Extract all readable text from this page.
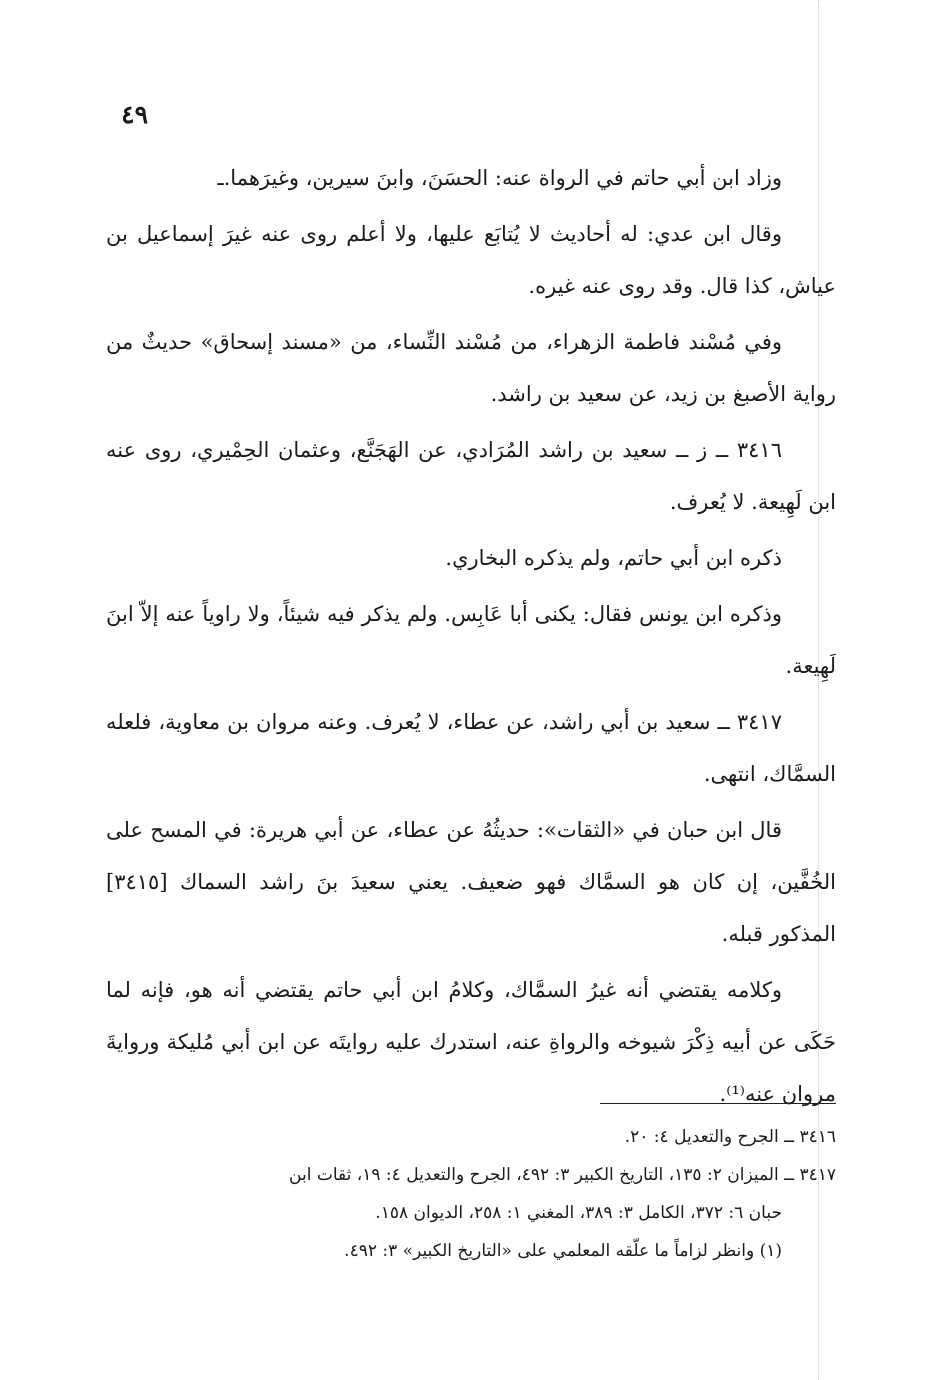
٤٩

وزاد ابن أبي حاتم في الرواة عنه: الحسَنَ، وابنَ سيرين، وغيرَهما.ـ

وقال ابن عدي: له أحاديث لا يُتابَع عليها، ولا أعلم روى عنه غيرَ إسماعيل بن عياش، كذا قال. وقد روى عنه غيره.

وفي مُسْند فاطمة الزهراء، من مُسْند النِّساء، من «مسند إسحاق» حديثٌ من رواية الأصبغ بن زيد، عن سعيد بن راشد.

٣٤١٦ ــ ز ــ سعيد بن راشد المُرَادي، عن الهَجَنَّع، وعثمان الحِمْيري، روى عنه ابن لَهِيعة. لا يُعرف.

ذكره ابن أبي حاتم، ولم يذكره البخاري.

وذكره ابن يونس فقال: يكنى أبا عَابِس. ولم يذكر فيه شيئاً، ولا راوياً عنه إلاّ ابنَ لَهِيعة.

٣٤١٧ ــ سعيد بن أبي راشد، عن عطاء، لا يُعرف. وعنه مروان بن معاوية، فلعله السمَّاك، انتهى.

قال ابن حبان في «الثقات»: حديثُهُ عن عطاء، عن أبي هريرة: في المسح على الخُفَّين، إن كان هو السمَّاك فهو ضعيف. يعني سعيدَ بنَ راشد السماك [٣٤١٥] المذكور قبله.

وكلامه يقتضي أنه غيرُ السمَّاك، وكلامُ ابن أبي حاتم يقتضي أنه هو، فإنه لما حَكَى عن أبيه ذِكْرَ شيوخه والرواةِ عنه، استدرك عليه روايتَه عن ابن أبي مُليكة وروايةَ مروان عنه⁽¹⁾.

٣٤١٦ ــ الجرح والتعديل ٤: ٢٠.

٣٤١٧ ــ الميزان ٢: ١٣٥، التاريخ الكبير ٣: ٤٩٢، الجرح والتعديل ٤: ١٩، ثقات ابن

حبان ٦: ٣٧٢، الكامل ٣: ٣٨٩، المغني ١: ٢٥٨، الديوان ١٥٨.

(١) وانظر لزاماً ما علّقه المعلمي على «التاريخ الكبير» ٣: ٤٩٢.
